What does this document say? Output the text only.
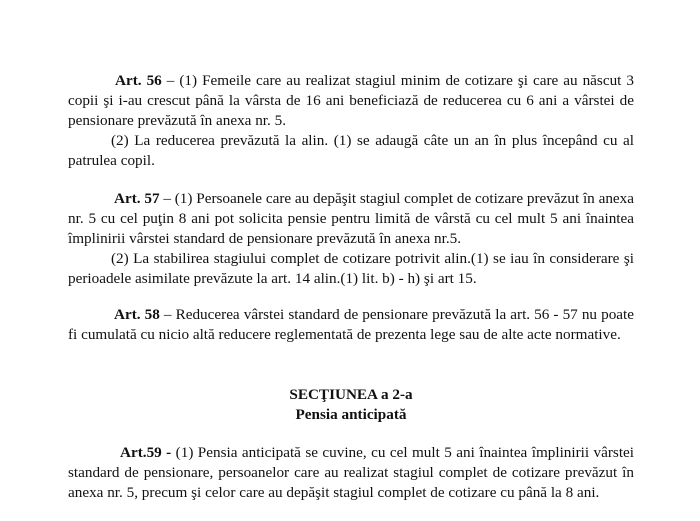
Art. 56 – (1) Femeile care au realizat stagiul minim de cotizare şi care au născut 3 copii şi i-au crescut până la vârsta de 16 ani beneficiază de reducerea cu 6 ani a vârstei de pensionare prevăzută în anexa nr. 5.

(2) La reducerea prevăzută la alin. (1) se adaugă câte un an în plus începând cu al patrulea copil.

Art. 57 – (1) Persoanele care au depăşit stagiul complet de cotizare prevăzut în anexa nr. 5 cu cel puţin 8 ani pot solicita pensie pentru limită de vârstă cu cel mult 5 ani înaintea împlinirii vârstei standard de pensionare prevăzută în anexa nr.5.

(2) La stabilirea stagiului complet de cotizare potrivit alin.(1) se iau în considerare şi perioadele asimilate prevăzute la art. 14 alin.(1) lit. b) - h) şi art 15.

Art. 58 – Reducerea vârstei standard de pensionare prevăzută la art. 56 - 57 nu poate fi cumulată cu nicio altă reducere reglementată de prezenta lege sau de alte acte normative.

SECŢIUNEA a 2-a
Pensia anticipată

Art.59 - (1) Pensia anticipată se cuvine, cu cel mult 5 ani înaintea împlinirii vârstei standard de pensionare, persoanelor care au realizat stagiul complet de cotizare prevăzut în anexa nr. 5, precum şi celor care au depăşit stagiul complet de cotizare cu până la 8 ani.
